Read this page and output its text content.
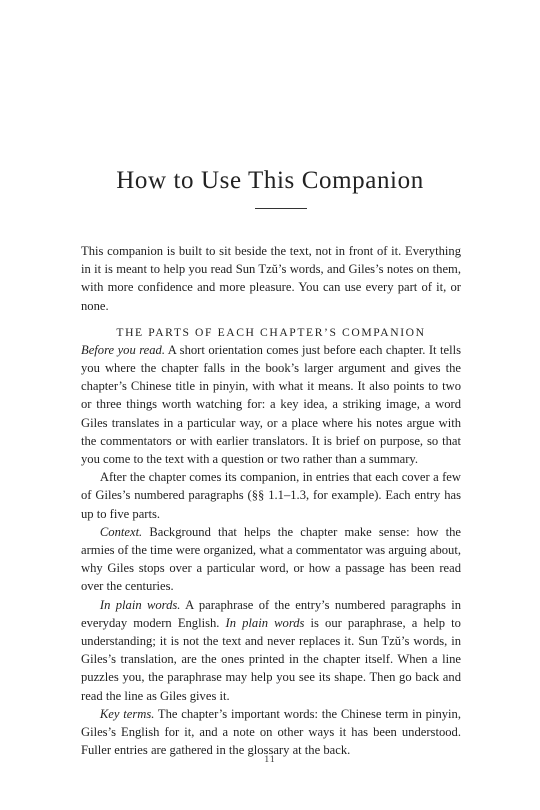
How to Use This Companion

This companion is built to sit beside the text, not in front of it. Everything in it is meant to help you read Sun Tzŭ’s words, and Giles’s notes on them, with more confidence and more pleasure. You can use every part of it, or none.

THE PARTS OF EACH CHAPTER’S COMPANION

Before you read. A short orientation comes just before each chapter. It tells you where the chapter falls in the book’s larger argument and gives the chapter’s Chinese title in pinyin, with what it means. It also points to two or three things worth watching for: a key idea, a striking image, a word Giles translates in a particular way, or a place where his notes argue with the commentators or with earlier translators. It is brief on purpose, so that you come to the text with a question or two rather than a summary.

After the chapter comes its companion, in entries that each cover a few of Giles’s numbered paragraphs (§§ 1.1–1.3, for example). Each entry has up to five parts.

Context. Background that helps the chapter make sense: how the armies of the time were organized, what a commentator was arguing about, why Giles stops over a particular word, or how a passage has been read over the centuries.

In plain words. A paraphrase of the entry’s numbered paragraphs in everyday modern English. In plain words is our paraphrase, a help to understanding; it is not the text and never replaces it. Sun Tzŭ’s words, in Giles’s translation, are the ones printed in the chapter itself. When a line puzzles you, the paraphrase may help you see its shape. Then go back and read the line as Giles gives it.

Key terms. The chapter’s important words: the Chinese term in pinyin, Giles’s English for it, and a note on other ways it has been understood. Fuller entries are gathered in the glossary at the back.

11
